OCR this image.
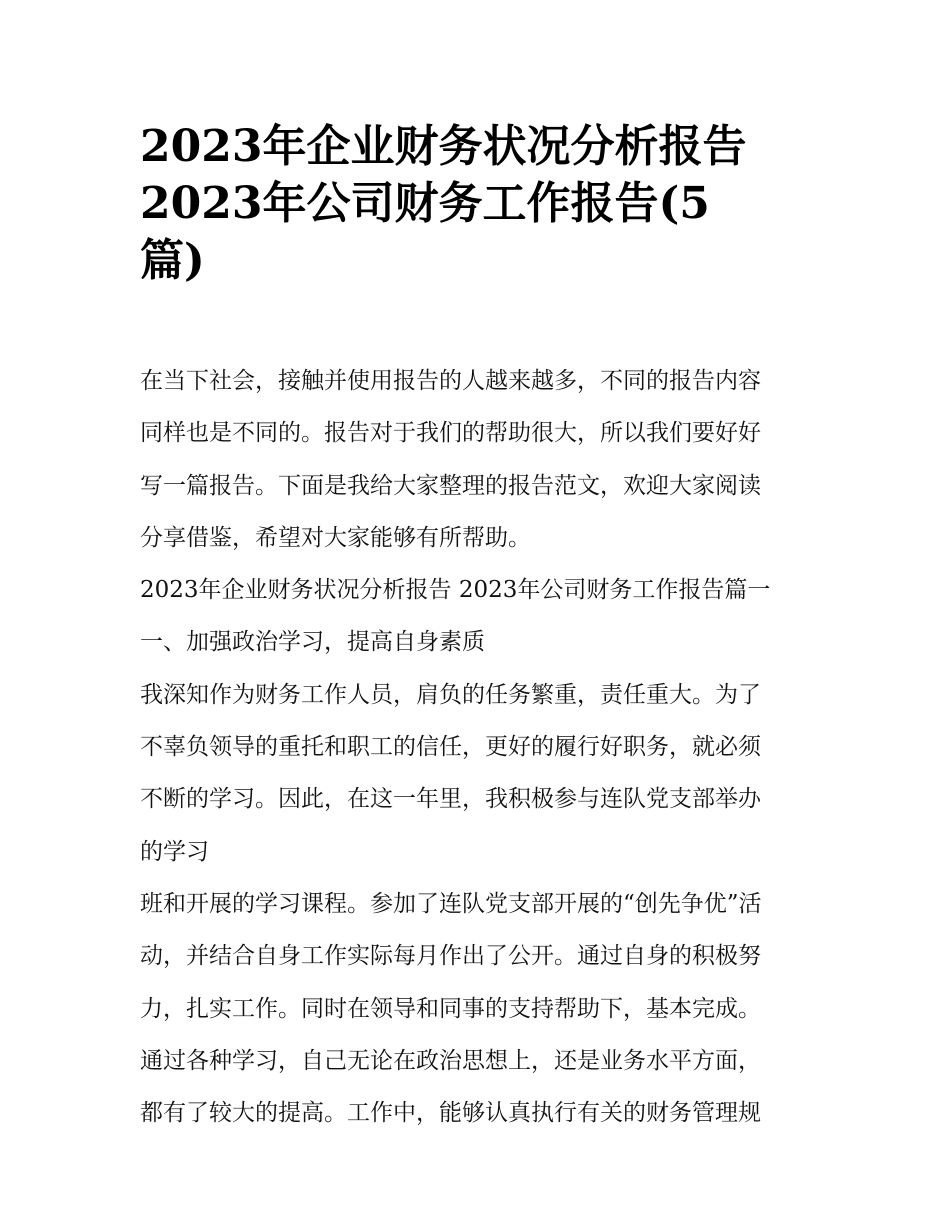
2023年企业财务状况分析报告
2023年公司财务工作报告(5
篇)
在当下社会，接触并使用报告的人越来越多，不同的报告内容
同样也是不同的。报告对于我们的帮助很大，所以我们要好好
写一篇报告。下面是我给大家整理的报告范文，欢迎大家阅读
分享借鉴，希望对大家能够有所帮助。
2023年企业财务状况分析报告 2023年公司财务工作报告篇一
一、加强政治学习，提高自身素质
我深知作为财务工作人员，肩负的任务繁重，责任重大。为了
不辜负领导的重托和职工的信任，更好的履行好职务，就必须
不断的学习。因此，在这一年里，我积极参与连队党支部举办
的学习
班和开展的学习课程。参加了连队党支部开展的“创先争优”活
动，并结合自身工作实际每月作出了公开。通过自身的积极努
力，扎实工作。同时在领导和同事的支持帮助下，基本完成。
通过各种学习，自己无论在政治思想上，还是业务水平方面，
都有了较大的提高。工作中，能够认真执行有关的财务管理规
